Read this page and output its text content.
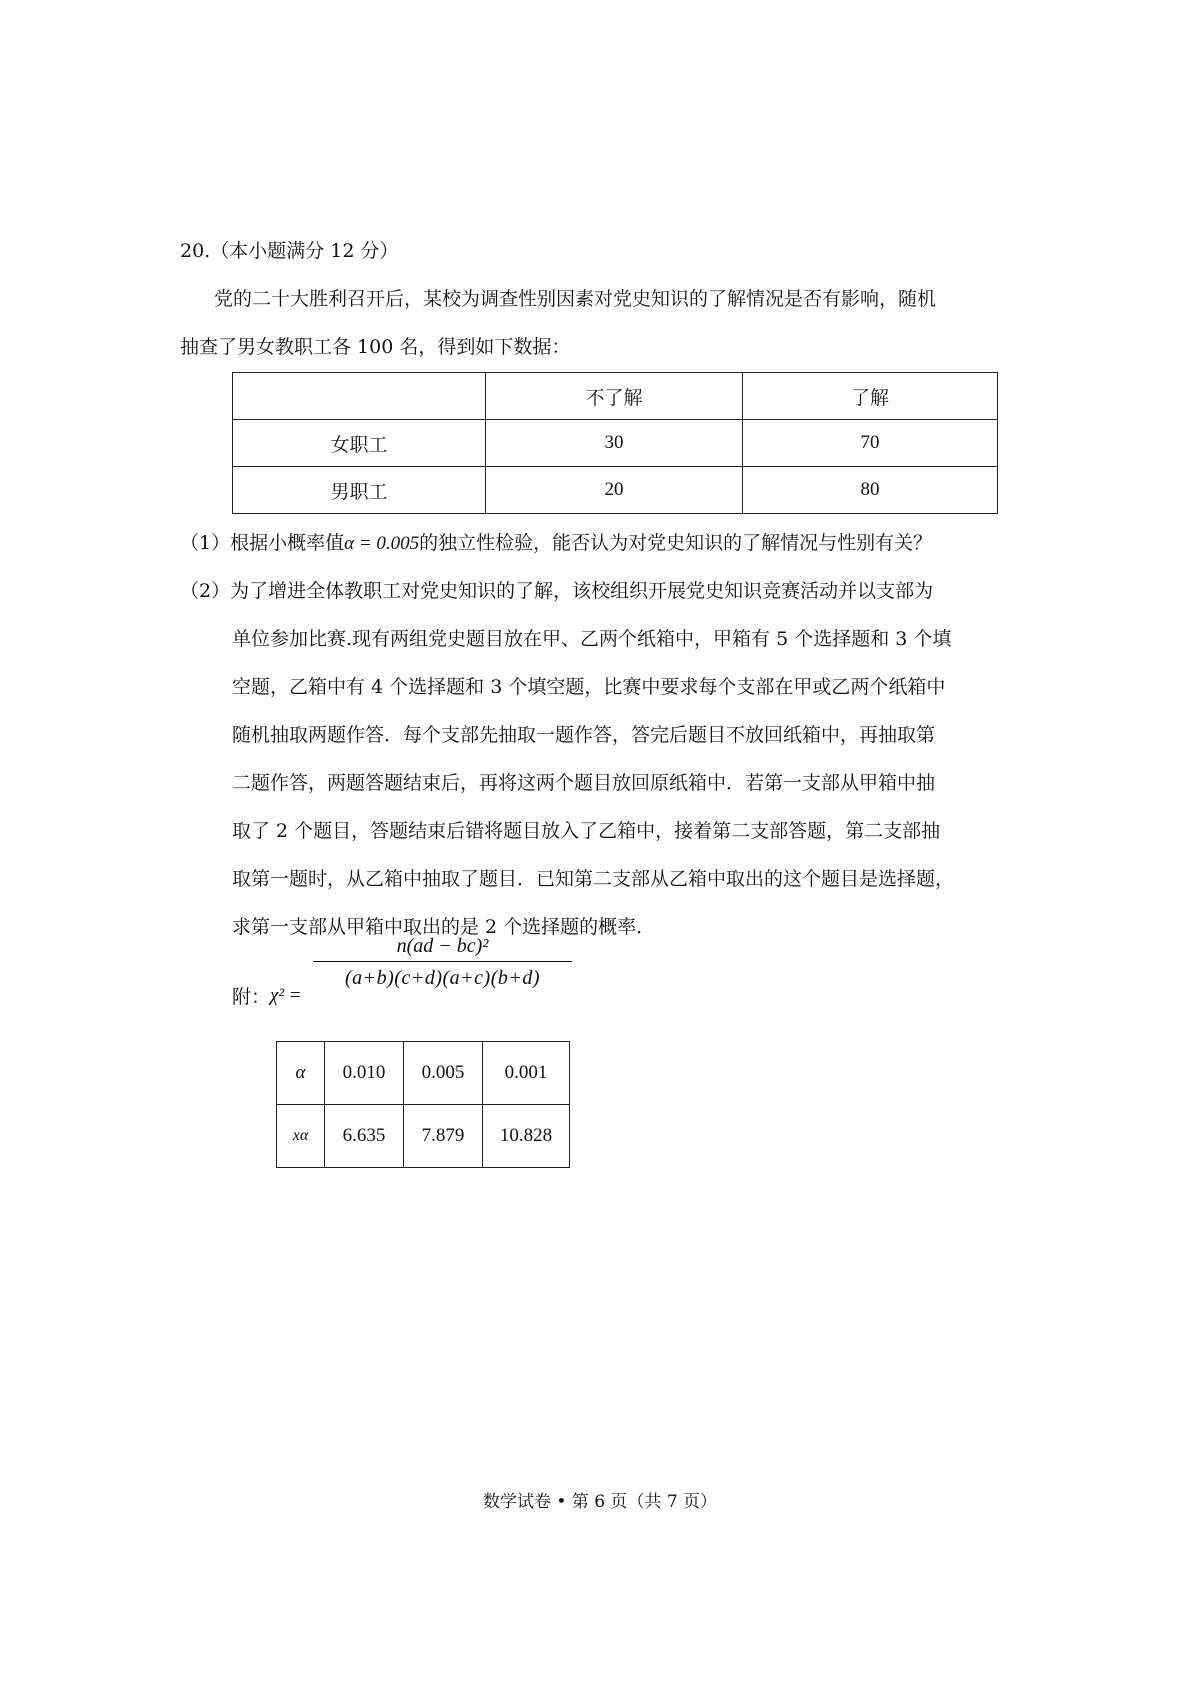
20.（本小题满分 12 分）
党的二十大胜利召开后，某校为调查性别因素对党史知识的了解情况是否有影响，随机
抽查了男女教职工各 100 名，得到如下数据：
	不了解	了解
女职工	30	70
男职工	20	80
（1）根据小概率值α = 0.005的独立性检验，能否认为对党史知识的了解情况与性别有关？
（2）为了增进全体教职工对党史知识的了解，该校组织开展党史知识竞赛活动并以支部为
单位参加比赛.现有两组党史题目放在甲、乙两个纸箱中，甲箱有 5 个选择题和 3 个填
空题，乙箱中有 4 个选择题和 3 个填空题，比赛中要求每个支部在甲或乙两个纸箱中
随机抽取两题作答．每个支部先抽取一题作答，答完后题目不放回纸箱中，再抽取第
二题作答，两题答题结束后，再将这两个题目放回原纸箱中．若第一支部从甲箱中抽
取了 2 个题目，答题结束后错将题目放入了乙箱中，接着第二支部答题，第二支部抽
取第一题时，从乙箱中抽取了题目．已知第二支部从乙箱中取出的这个题目是选择题，
求第一支部从甲箱中取出的是 2 个选择题的概率．
附： χ² =
n(ad − bc)²
(a+b)(c+d)(a+c)(b+d)
α	0.010	0.005	0.001
xα	6.635	7.879	10.828
数学试卷 • 第 6 页（共 7 页）
